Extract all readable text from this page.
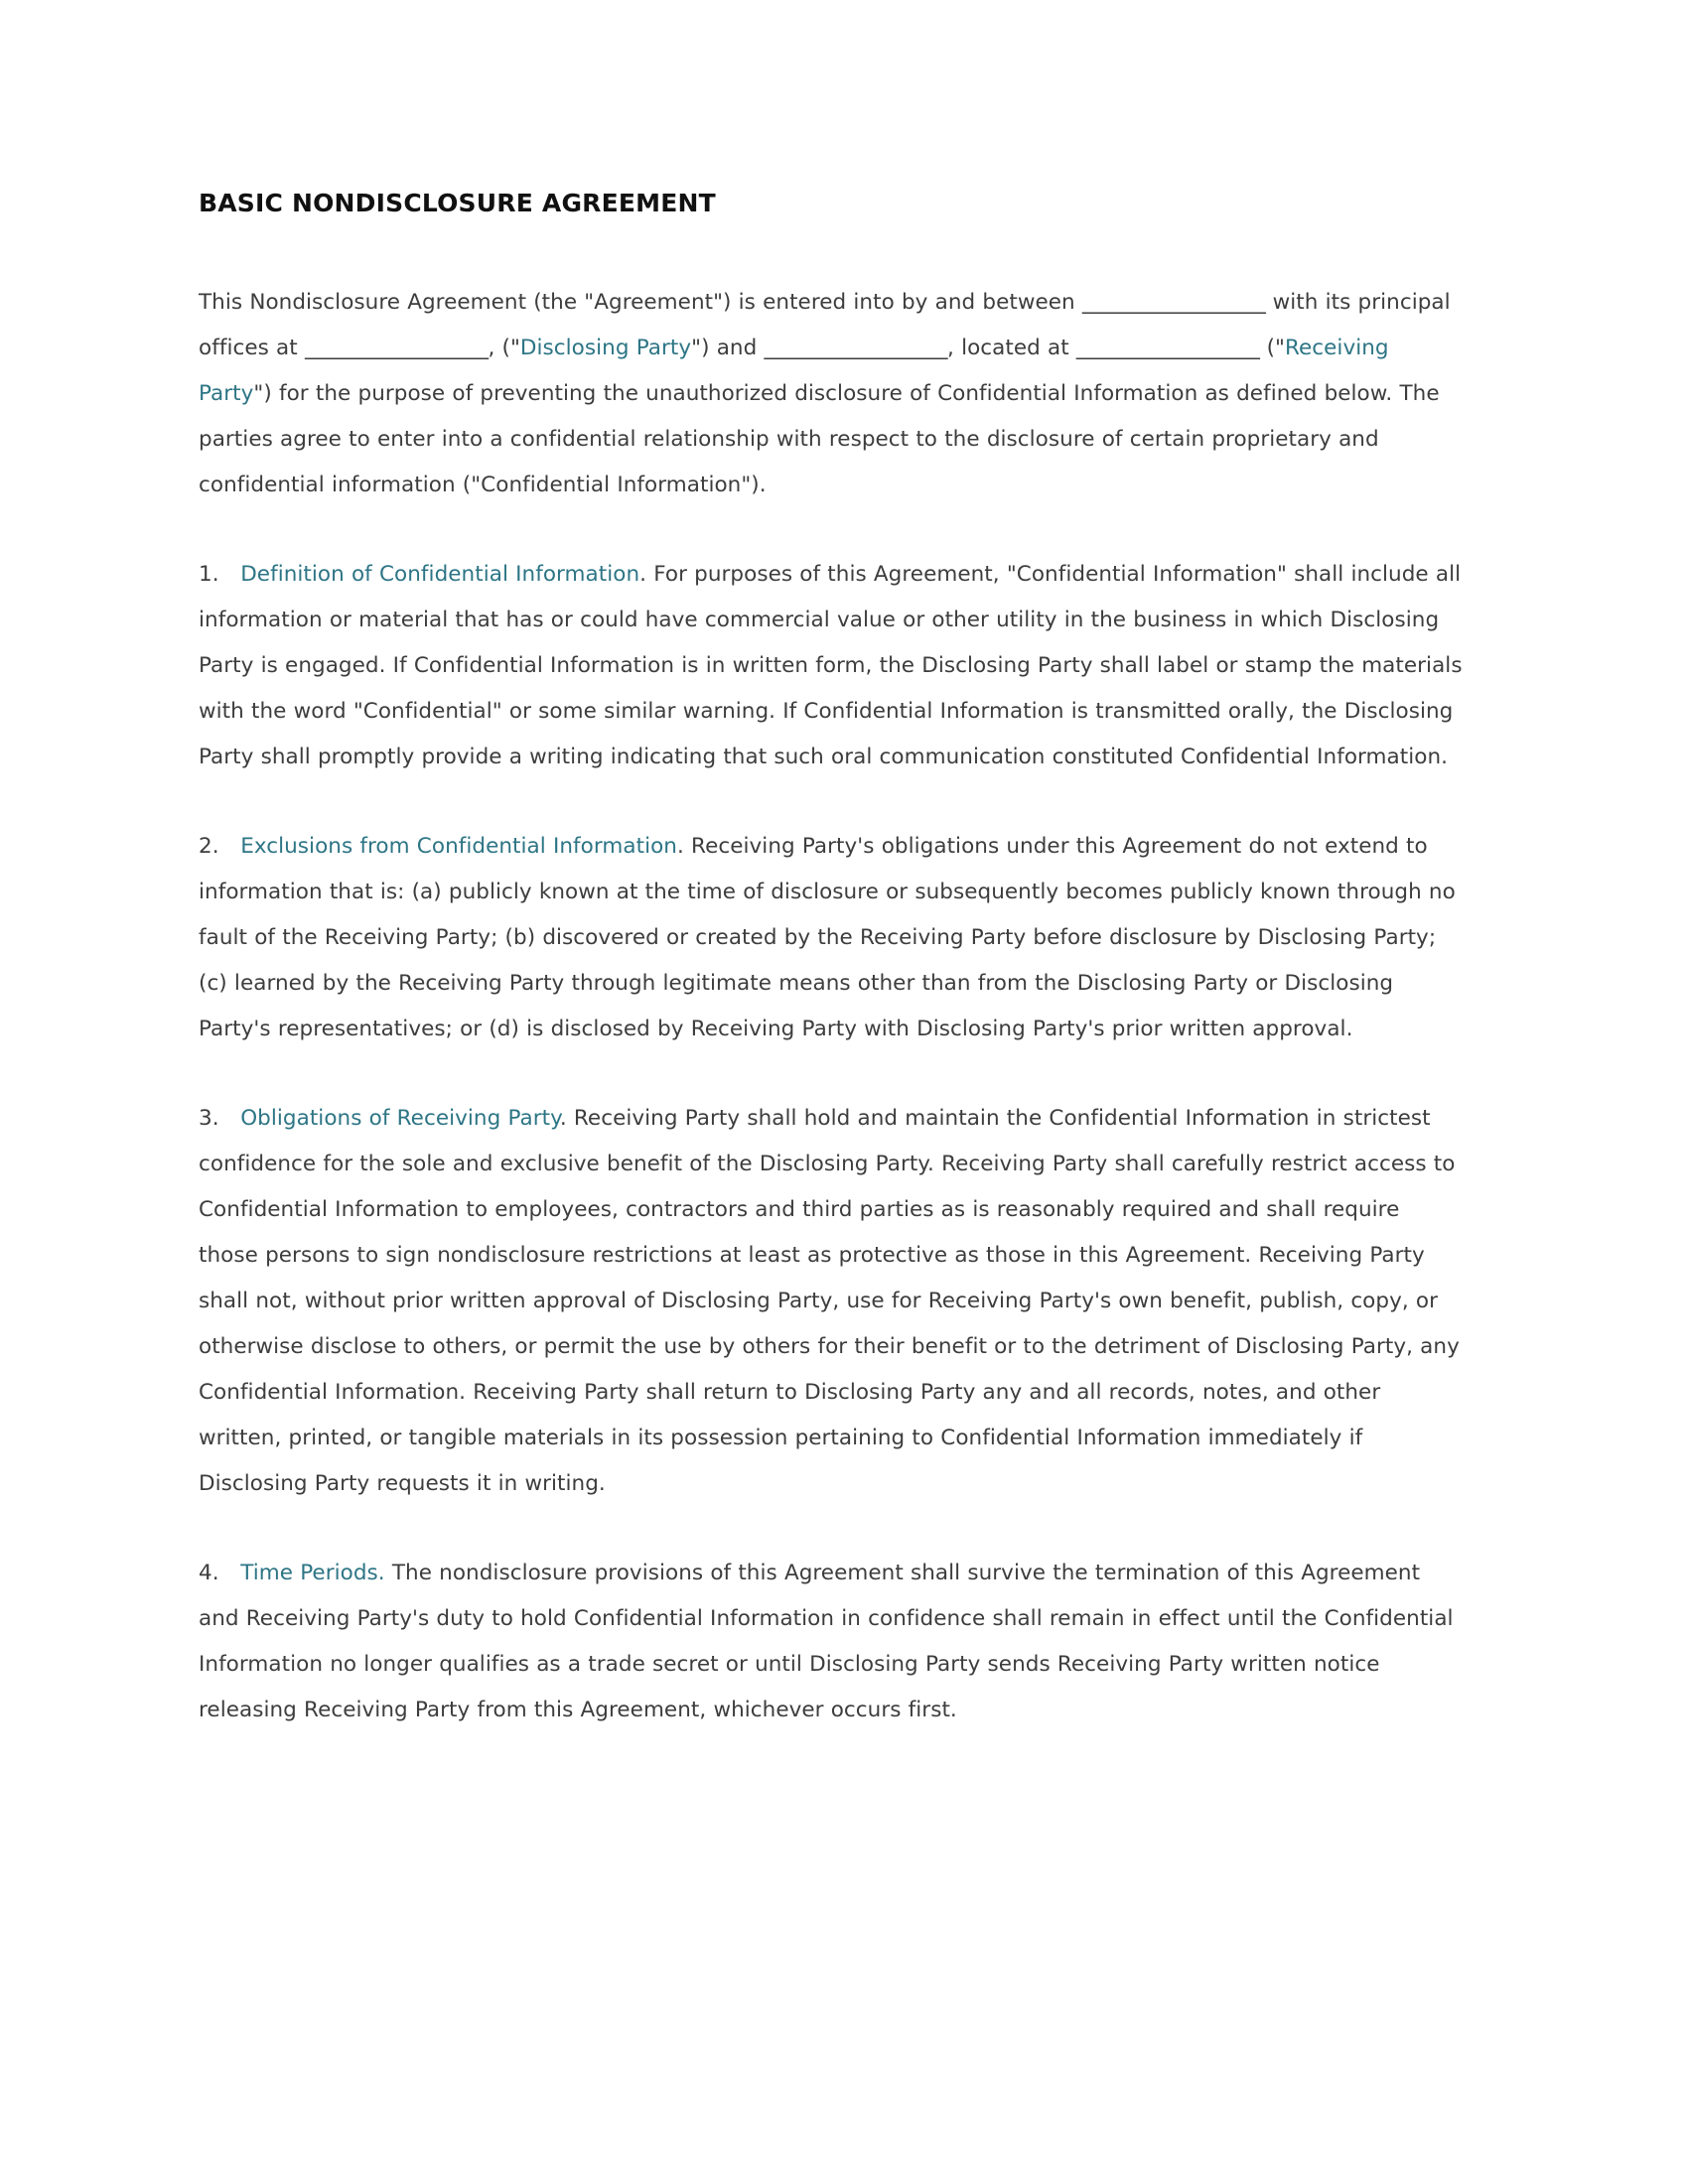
BASIC NONDISCLOSURE AGREEMENT

This Nondisclosure Agreement (the "Agreement") is entered into by and between __________________ with its principal offices at __________________, ("Disclosing Party") and __________________, located at __________________ ("Receiving Party") for the purpose of preventing the unauthorized disclosure of Confidential Information as defined below. The parties agree to enter into a confidential relationship with respect to the disclosure of certain proprietary and confidential information ("Confidential Information").

1. Definition of Confidential Information. For purposes of this Agreement, "Confidential Information" shall include all information or material that has or could have commercial value or other utility in the business in which Disclosing Party is engaged. If Confidential Information is in written form, the Disclosing Party shall label or stamp the materials with the word "Confidential" or some similar warning. If Confidential Information is transmitted orally, the Disclosing Party shall promptly provide a writing indicating that such oral communication constituted Confidential Information.

2. Exclusions from Confidential Information. Receiving Party's obligations under this Agreement do not extend to information that is: (a) publicly known at the time of disclosure or subsequently becomes publicly known through no fault of the Receiving Party; (b) discovered or created by the Receiving Party before disclosure by Disclosing Party; (c) learned by the Receiving Party through legitimate means other than from the Disclosing Party or Disclosing Party's representatives; or (d) is disclosed by Receiving Party with Disclosing Party's prior written approval.

3. Obligations of Receiving Party. Receiving Party shall hold and maintain the Confidential Information in strictest confidence for the sole and exclusive benefit of the Disclosing Party. Receiving Party shall carefully restrict access to Confidential Information to employees, contractors and third parties as is reasonably required and shall require those persons to sign nondisclosure restrictions at least as protective as those in this Agreement. Receiving Party shall not, without prior written approval of Disclosing Party, use for Receiving Party's own benefit, publish, copy, or otherwise disclose to others, or permit the use by others for their benefit or to the detriment of Disclosing Party, any Confidential Information. Receiving Party shall return to Disclosing Party any and all records, notes, and other written, printed, or tangible materials in its possession pertaining to Confidential Information immediately if Disclosing Party requests it in writing.

4. Time Periods. The nondisclosure provisions of this Agreement shall survive the termination of this Agreement and Receiving Party's duty to hold Confidential Information in confidence shall remain in effect until the Confidential Information no longer qualifies as a trade secret or until Disclosing Party sends Receiving Party written notice releasing Receiving Party from this Agreement, whichever occurs first.
